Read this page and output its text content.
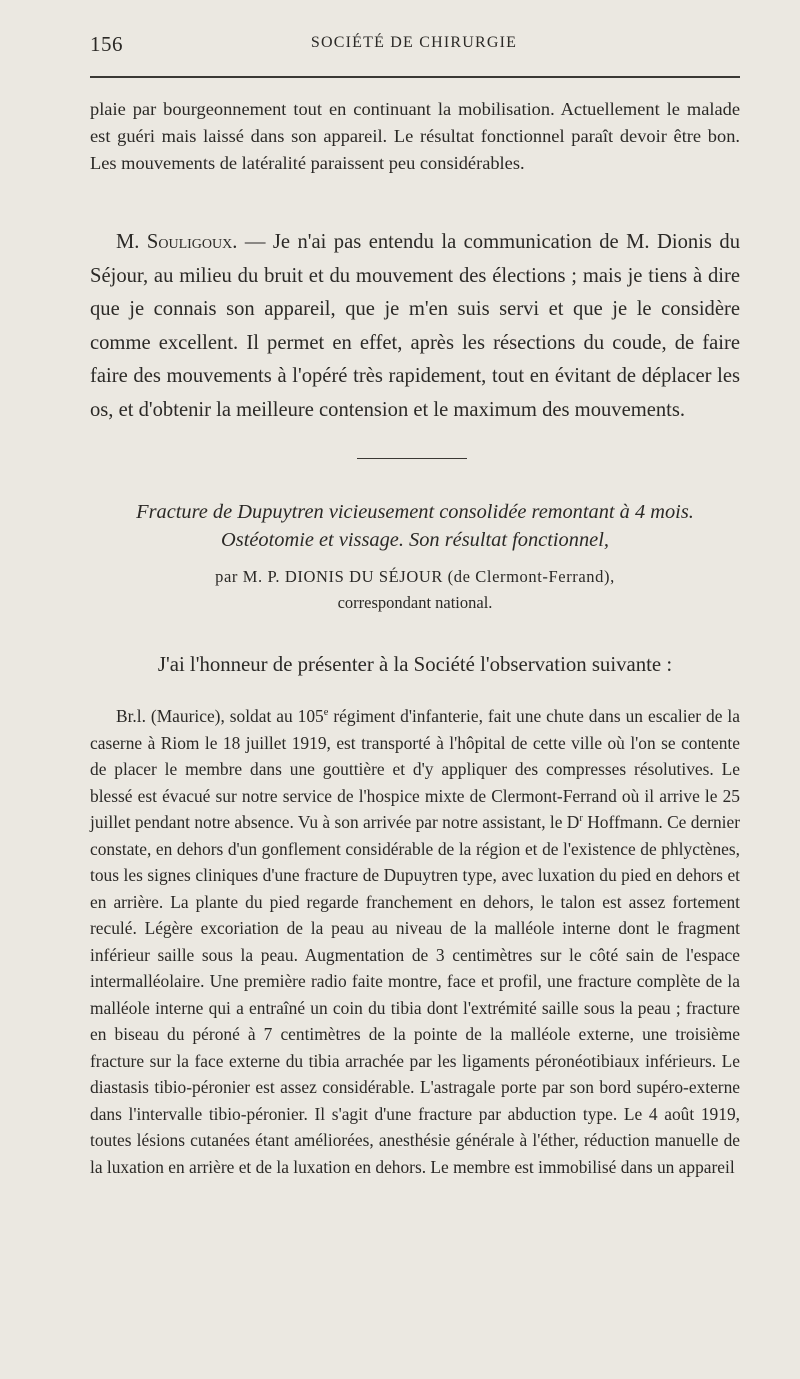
156	SOCIÉTÉ DE CHIRURGIE

plaie par bourgeonnement tout en continuant la mobilisation. Actuellement le malade est guéri mais laissé dans son appareil. Le résultat fonctionnel paraît devoir être bon. Les mouvements de latéralité paraissent peu considérables.

M. Souligoux. — Je n'ai pas entendu la communication de M. Dionis du Séjour, au milieu du bruit et du mouvement des élections ; mais je tiens à dire que je connais son appareil, que je m'en suis servi et que je le considère comme excellent. Il permet en effet, après les résections du coude, de faire faire des mouvements à l'opéré très rapidement, tout en évitant de déplacer les os, et d'obtenir la meilleure contension et le maximum des mouvements.

Fracture de Dupuytren vicieusement consolidée remontant à 4 mois.
Ostéotomie et vissage. Son résultat fonctionnel,
par M. P. DIONIS DU SÉJOUR (de Clermont-Ferrand),
correspondant national.
J'ai l'honneur de présenter à la Société l'observation suivante :

Br.l. (Maurice), soldat au 105e régiment d'infanterie, fait une chute dans un escalier de la caserne à Riom le 18 juillet 1919, est transporté à l'hôpital de cette ville où l'on se contente de placer le membre dans une gouttière et d'y appliquer des compresses résolutives. Le blessé est évacué sur notre service de l'hospice mixte de Clermont-Ferrand où il arrive le 25 juillet pendant notre absence. Vu à son arrivée par notre assistant, le $D^r$ Hoffmann. Ce dernier constate, en dehors d'un gonflement considérable de la région et de l'existence de phlyctènes, tous les signes cliniques d'une fracture de Dupuytren type, avec luxation du pied en dehors et en arrière. La plante du pied regarde franchement en dehors, le talon est assez fortement reculé. Légère excoriation de la peau au niveau de la malléole interne dont le fragment inférieur saille sous la peau. Augmentation de 3 centimètres sur le côté sain de l'espace intermalléolaire. Une première radio faite montre, face et profil, une fracture complète de la malléole interne qui a entraîné un coin du tibia dont l'extrémité saille sous la peau ; fracture en biseau du péroné à 7 centimètres de la pointe de la malléole externe, une troisième fracture sur la face externe du tibia arrachée par les ligaments péronéotibiaux inférieurs. Le diastasis tibio-péronier est assez considérable. L'astragale porte par son bord supéro-externe dans l'intervalle tibio-péronier. Il s'agit d'une fracture par abduction type. Le 4 août 1919, toutes lésions cutanées étant améliorées, anesthésie générale à l'éther, réduction manuelle de la luxation en arrière et de la luxation en dehors. Le membre est immobilisé dans un appareil
